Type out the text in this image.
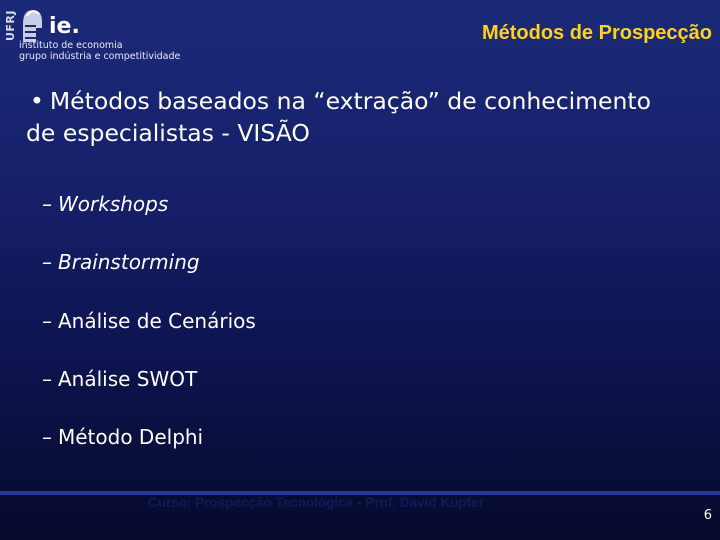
UFRJ ie.
instituto de economia
grupo indústria e competitividade
Métodos de Prospecção
• Métodos baseados na “extração” de conhecimento
de especialistas - VISÃO
– Workshops
– Brainstorming
– Análise de Cenários
– Análise SWOT
– Método Delphi
Curso: Prospecção Tecnológica - Prof. David Kupfer
6
